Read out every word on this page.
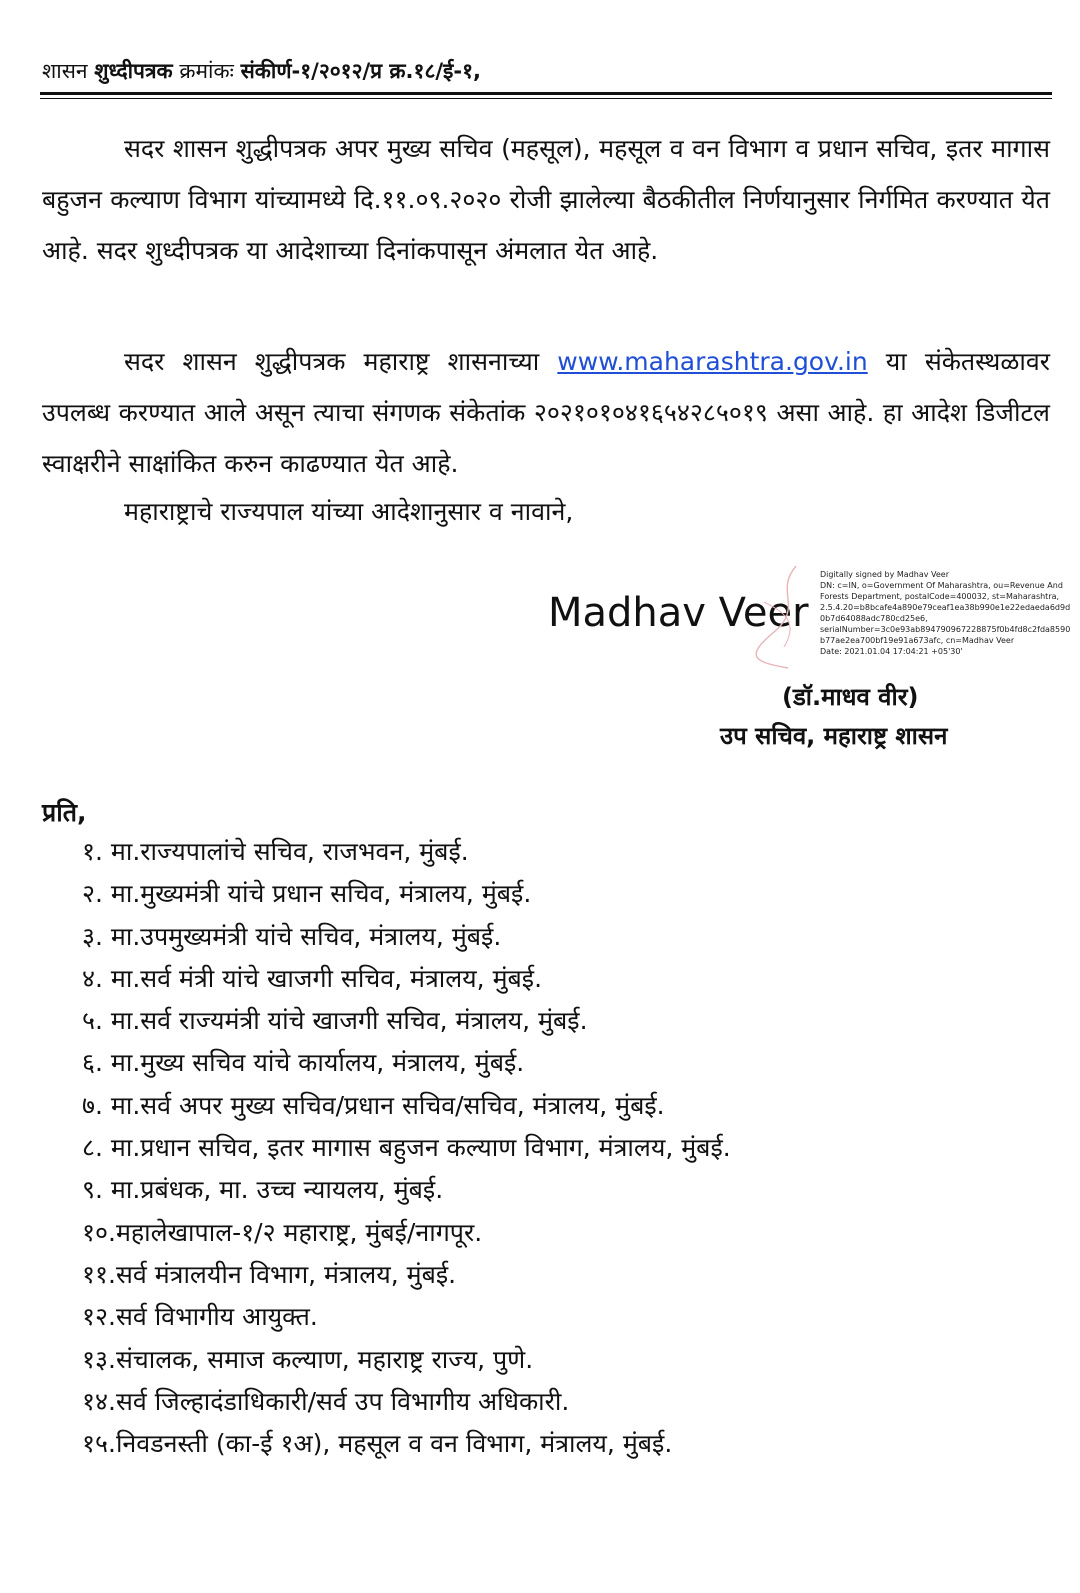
शासन शुध्दीपत्रक क्रमांकः संकीर्ण-१/२०१२/प्र क्र.१८/ई-१,
सदर शासन शुद्धीपत्रक अपर मुख्य सचिव (महसूल), महसूल व वन विभाग व प्रधान सचिव, इतर मागास बहुजन कल्याण विभाग यांच्यामध्ये दि.११.०९.२०२० रोजी झालेल्या बैठकीतील निर्णयानुसार निर्गमित करण्यात येत आहे. सदर शुध्दीपत्रक या आदेशाच्या दिनांकपासून अंमलात येत आहे.
सदर शासन शुद्धीपत्रक महाराष्ट्र शासनाच्या www.maharashtra.gov.in या संकेतस्थळावर उपलब्ध करण्यात आले असून त्याचा संगणक संकेतांक २०२१०१०४१६५४२८५०१९ असा आहे. हा आदेश डिजीटल स्वाक्षरीने साक्षांकित करुन काढण्यात येत आहे.
महाराष्ट्राचे राज्यपाल यांच्या आदेशानुसार व नावाने,
Madhav Veer
Digitally signed by Madhav Veer
DN: c=IN, o=Government Of Maharashtra, ou=Revenue And
Forests Department, postalCode=400032, st=Maharashtra,
2.5.4.20=b8bcafe4a890e79ceaf1ea38b990e1e22edaeda6d9d
0b7d64088adc780cd25e6,
serialNumber=3c0e93ab894790967228875f0b4fd8c2fda8590
b77ae2ea700bf19e91a673afc, cn=Madhav Veer
Date: 2021.01.04 17:04:21 +05'30'
(डॉ.माधव वीर)
उप सचिव, महाराष्ट्र शासन
प्रति,
१. मा.राज्यपालांचे सचिव, राजभवन, मुंबई.
२. मा.मुख्यमंत्री यांचे प्रधान सचिव, मंत्रालय, मुंबई.
३. मा.उपमुख्यमंत्री यांचे सचिव, मंत्रालय, मुंबई.
४. मा.सर्व मंत्री यांचे खाजगी सचिव, मंत्रालय, मुंबई.
५. मा.सर्व राज्यमंत्री यांचे खाजगी सचिव, मंत्रालय, मुंबई.
६. मा.मुख्य सचिव यांचे कार्यालय, मंत्रालय, मुंबई.
७. मा.सर्व अपर मुख्य सचिव/प्रधान सचिव/सचिव, मंत्रालय, मुंबई.
८. मा.प्रधान सचिव, इतर मागास बहुजन कल्याण विभाग, मंत्रालय, मुंबई.
९. मा.प्रबंधक, मा. उच्च न्यायलय, मुंबई.
१०.महालेखापाल-१/२ महाराष्ट्र, मुंबई/नागपूर.
११.सर्व मंत्रालयीन विभाग, मंत्रालय, मुंबई.
१२.सर्व विभागीय आयुक्त.
१३.संचालक, समाज कल्याण, महाराष्ट्र राज्य, पुणे.
१४.सर्व जिल्हादंडाधिकारी/सर्व उप विभागीय अधिकारी.
१५.निवडनस्ती (का-ई १अ), महसूल व वन विभाग, मंत्रालय, मुंबई.
